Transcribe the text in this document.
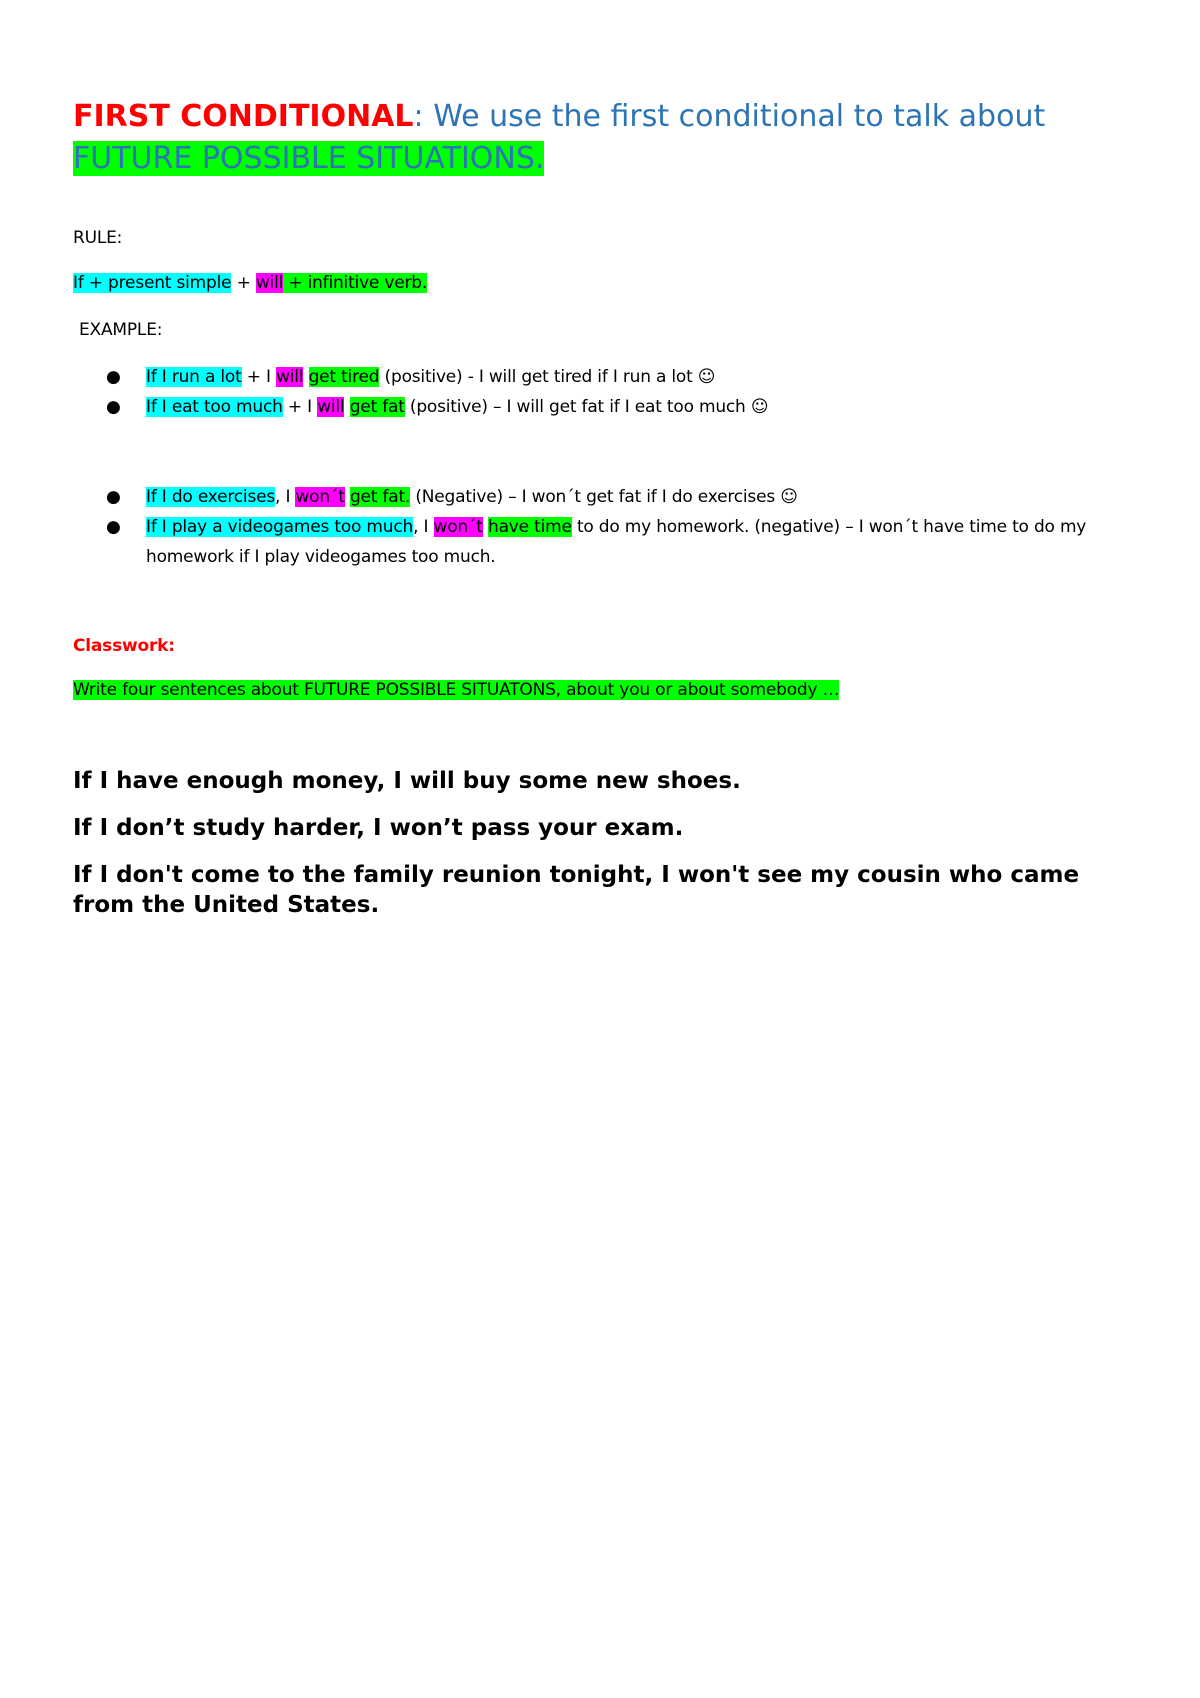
FIRST CONDITIONAL: We use the first conditional to talk about
FUTURE POSSIBLE SITUATIONS.
RULE:
If + present simple + will + infinitive verb.
EXAMPLE:
● If I run a lot + I will get tired (positive) - I will get tired if I run a lot ☺
● If I eat too much + I will get fat (positive) – I will get fat if I eat too much ☺
● If I do exercises, I won´t get fat. (Negative) – I won´t get fat if I do exercises ☺
● If I play a videogames too much, I won´t have time to do my homework. (negative) – I won´t have time to do my homework if I play videogames too much.
Classwork:
Write four sentences about FUTURE POSSIBLE SITUATONS, about you or about somebody …

If I have enough money, I will buy some new shoes.

If I don’t study harder, I won’t pass your exam.

If I don't come to the family reunion tonight, I won't see my cousin who came from the United States.
